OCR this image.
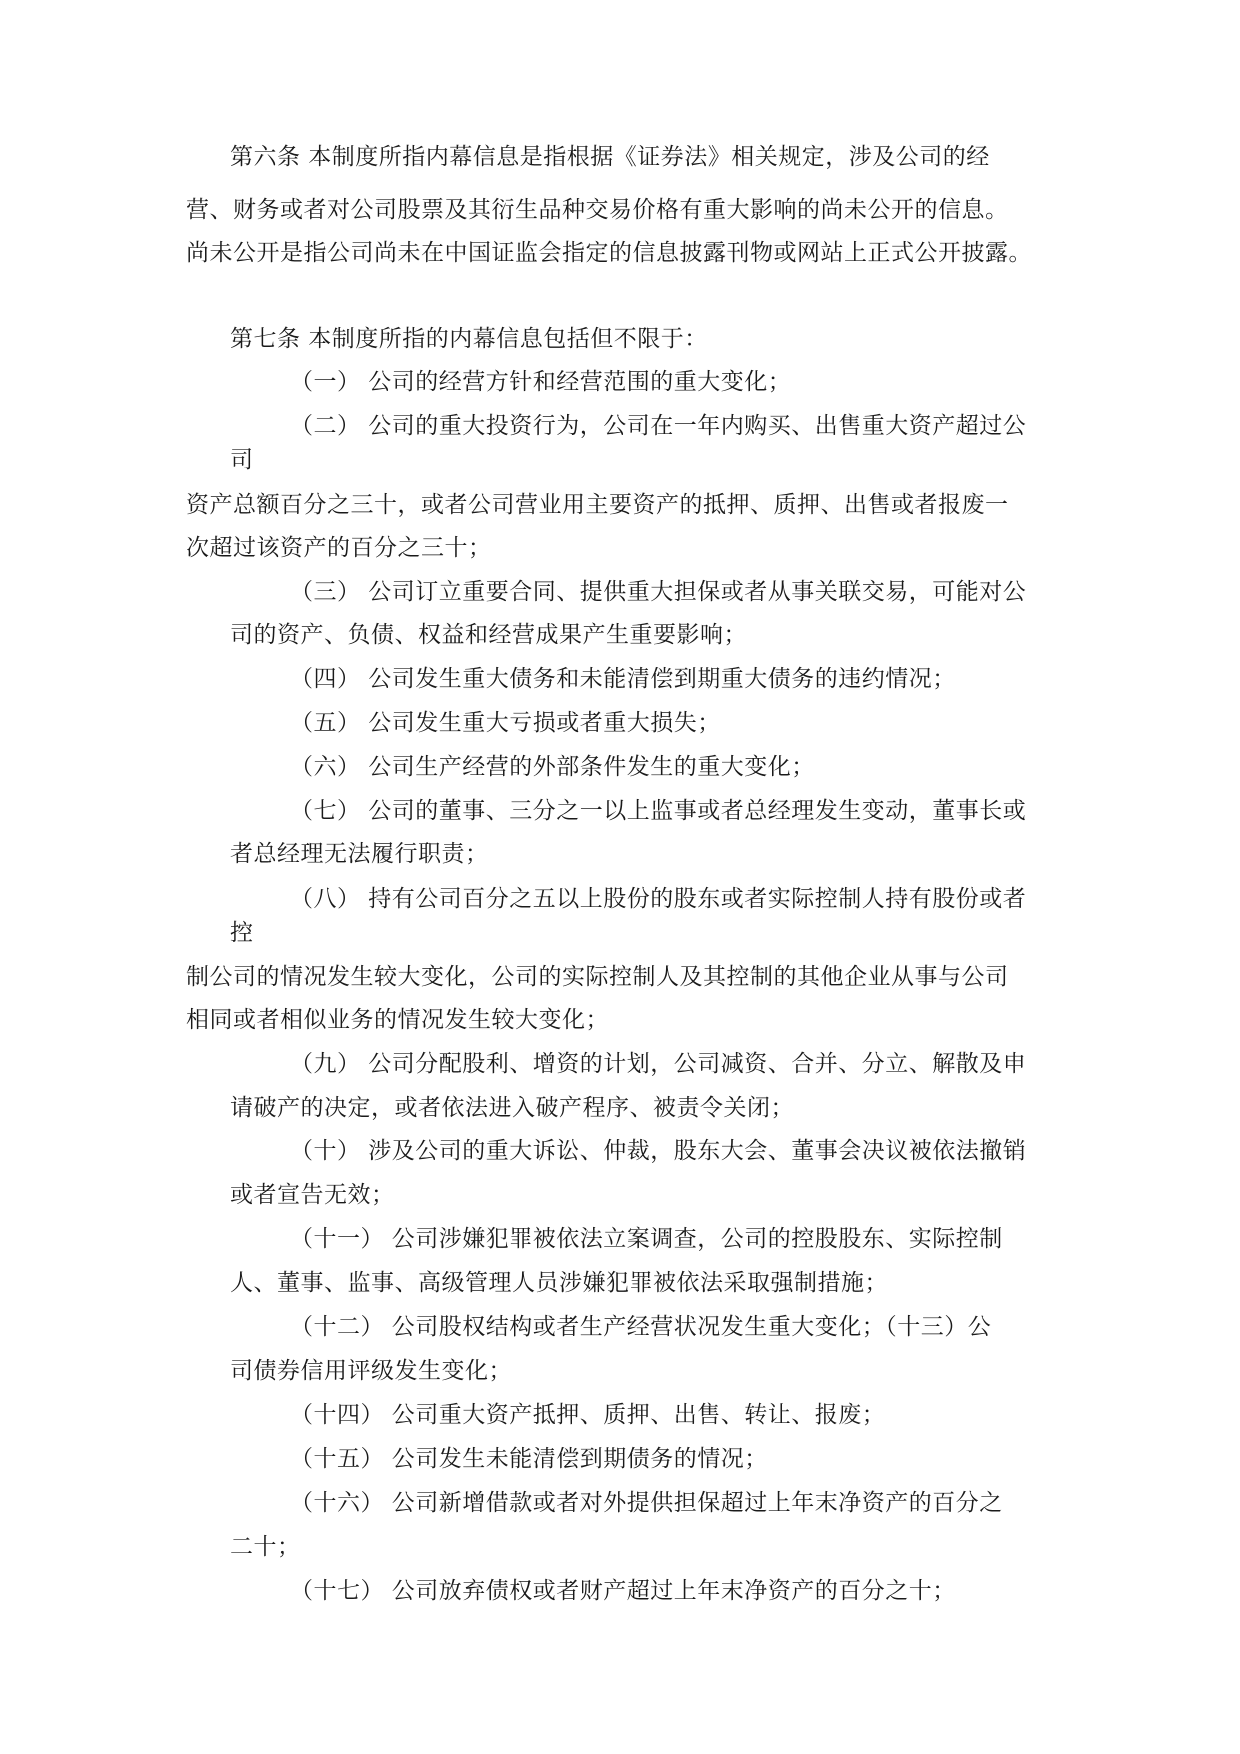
第六条 本制度所指内幕信息是指根据《证券法》相关规定，涉及公司的经
营、财务或者对公司股票及其衍生品种交易价格有重大影响的尚未公开的信息。
尚未公开是指公司尚未在中国证监会指定的信息披露刊物或网站上正式公开披露。
第七条 本制度所指的内幕信息包括但不限于：
（一） 公司的经营方针和经营范围的重大变化；
（二） 公司的重大投资行为，公司在一年内购买、出售重大资产超过公
司
资产总额百分之三十，或者公司营业用主要资产的抵押、质押、出售或者报废一
次超过该资产的百分之三十；
（三） 公司订立重要合同、提供重大担保或者从事关联交易，可能对公
司的资产、负债、权益和经营成果产生重要影响；
（四） 公司发生重大债务和未能清偿到期重大债务的违约情况；
（五） 公司发生重大亏损或者重大损失；
（六） 公司生产经营的外部条件发生的重大变化；
（七） 公司的董事、三分之一以上监事或者总经理发生变动，董事长或
者总经理无法履行职责；
（八） 持有公司百分之五以上股份的股东或者实际控制人持有股份或者
控
制公司的情况发生较大变化，公司的实际控制人及其控制的其他企业从事与公司
相同或者相似业务的情况发生较大变化；
（九） 公司分配股利、增资的计划，公司减资、合并、分立、解散及申
请破产的决定，或者依法进入破产程序、被责令关闭；
（十） 涉及公司的重大诉讼、仲裁，股东大会、董事会决议被依法撤销
或者宣告无效；
（十一） 公司涉嫌犯罪被依法立案调查，公司的控股股东、实际控制
人、董事、监事、高级管理人员涉嫌犯罪被依法采取强制措施；
（十二） 公司股权结构或者生产经营状况发生重大变化；（十三）公
司债券信用评级发生变化；
（十四） 公司重大资产抵押、质押、出售、转让、报废；
（十五） 公司发生未能清偿到期债务的情况；
（十六） 公司新增借款或者对外提供担保超过上年末净资产的百分之
二十；
（十七） 公司放弃债权或者财产超过上年末净资产的百分之十；
